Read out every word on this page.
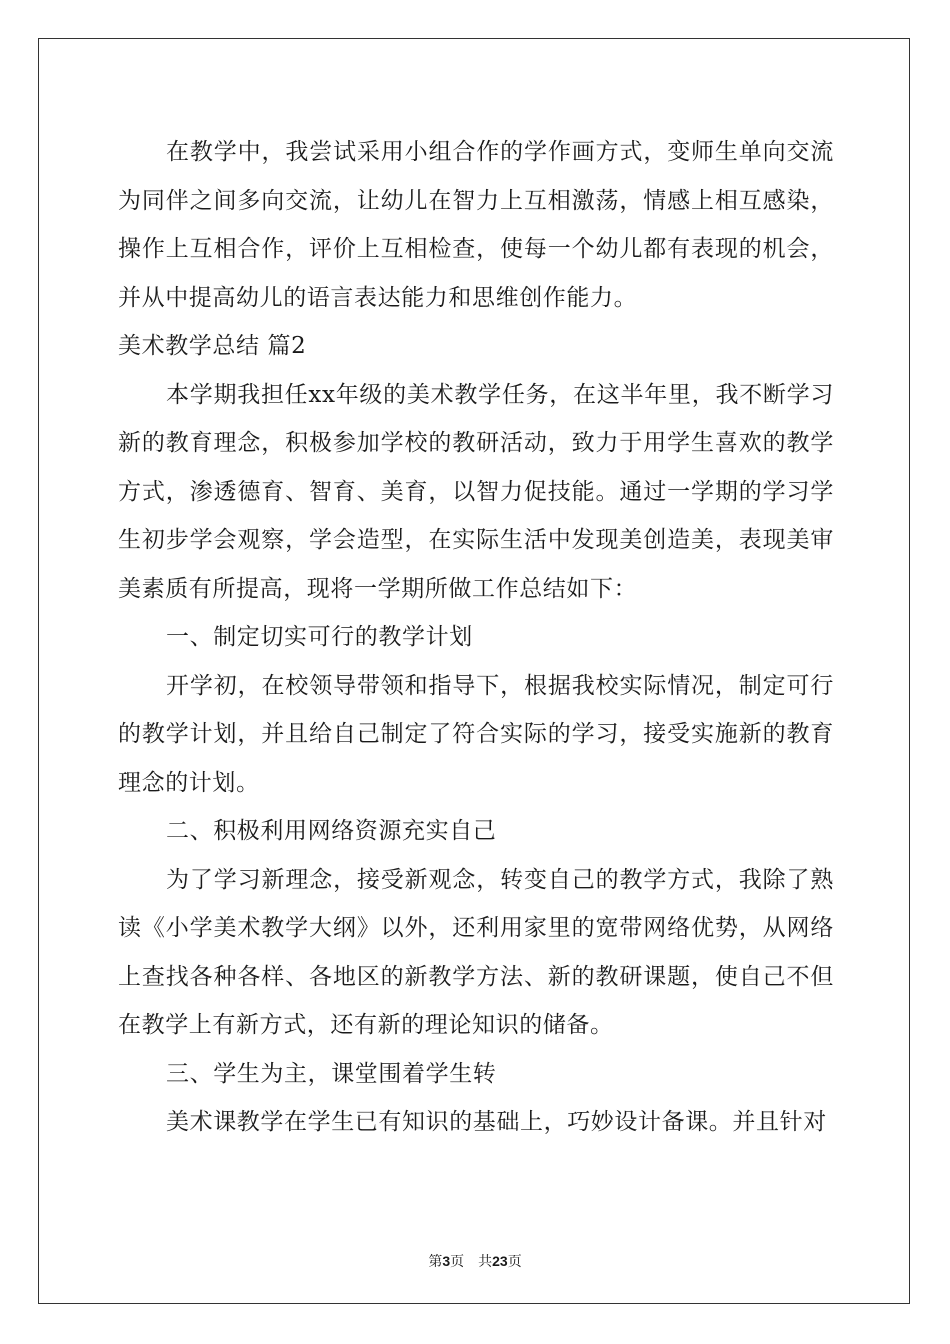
在教学中，我尝试采用小组合作的学作画方式，变师生单向交流为同伴之间多向交流，让幼儿在智力上互相激荡，情感上相互感染，操作上互相合作，评价上互相检查，使每一个幼儿都有表现的机会，并从中提高幼儿的语言表达能力和思维创作能力。

美术教学总结 篇2

本学期我担任xx年级的美术教学任务，在这半年里，我不断学习新的教育理念，积极参加学校的教研活动，致力于用学生喜欢的教学方式，渗透德育、智育、美育，以智力促技能。通过一学期的学习学生初步学会观察，学会造型，在实际生活中发现美创造美，表现美审美素质有所提高，现将一学期所做工作总结如下：

一、制定切实可行的教学计划

开学初，在校领导带领和指导下，根据我校实际情况，制定可行的教学计划，并且给自己制定了符合实际的学习，接受实施新的教育理念的计划。

二、积极利用网络资源充实自己

为了学习新理念，接受新观念，转变自己的教学方式，我除了熟读《小学美术教学大纲》以外，还利用家里的宽带网络优势，从网络上查找各种各样、各地区的新教学方法、新的教研课题，使自己不但在教学上有新方式，还有新的理论知识的储备。

三、学生为主，课堂围着学生转

美术课教学在学生已有知识的基础上，巧妙设计备课。并且针对

第3页 共23页
